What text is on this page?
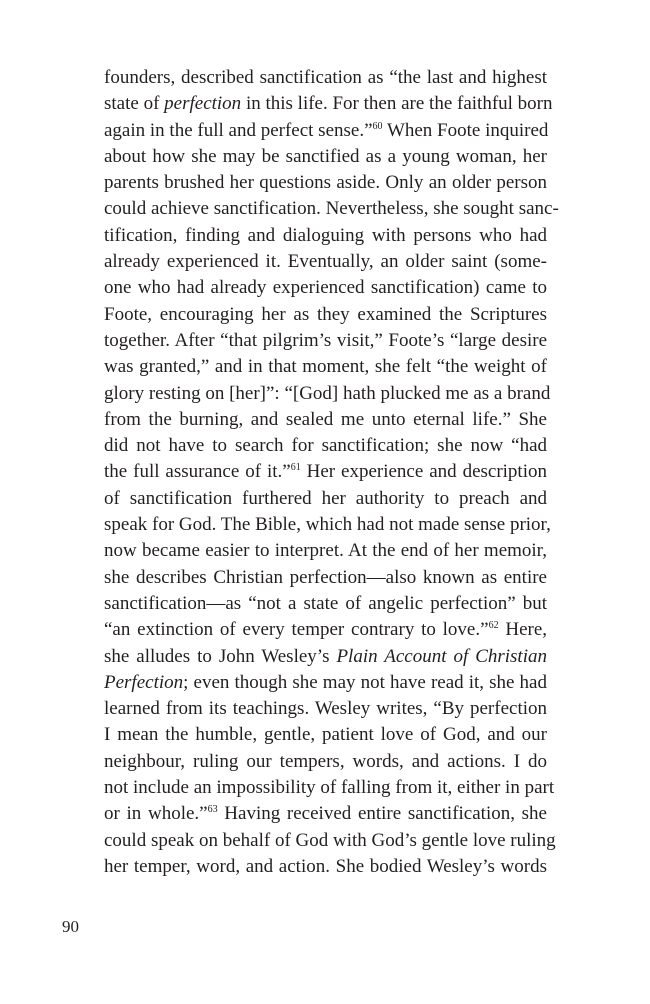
founders, described sanctification as “the last and highest
state of perfection in this life. For then are the faithful born
again in the full and perfect sense.”$^{60}$ When Foote inquired
about how she may be sanctified as a young woman, her
parents brushed her questions aside. Only an older person
could achieve sanctification. Nevertheless, she sought sanc-
tification, finding and dialoguing with persons who had
already experienced it. Eventually, an older saint (some-
one who had already experienced sanctification) came to
Foote, encouraging her as they examined the Scriptures
together. After “that pilgrim’s visit,” Foote’s “large desire
was granted,” and in that moment, she felt “the weight of
glory resting on [her]”: “[God] hath plucked me as a brand
from the burning, and sealed me unto eternal life.” She
did not have to search for sanctification; she now “had
the full assurance of it.”$^{61}$ Her experience and description
of sanctification furthered her authority to preach and
speak for God. The Bible, which had not made sense prior,
now became easier to interpret. At the end of her memoir,
she describes Christian perfection—also known as entire
sanctification—as “not a state of angelic perfection” but
“an extinction of every temper contrary to love.”$^{62}$ Here,
she alludes to John Wesley’s Plain Account of Christian
Perfection; even though she may not have read it, she had
learned from its teachings. Wesley writes, “By perfection
I mean the humble, gentle, patient love of God, and our
neighbour, ruling our tempers, words, and actions. I do
not include an impossibility of falling from it, either in part
or in whole.”$^{63}$ Having received entire sanctification, she
could speak on behalf of God with God’s gentle love ruling
her temper, word, and action. She bodied Wesley’s words
90
